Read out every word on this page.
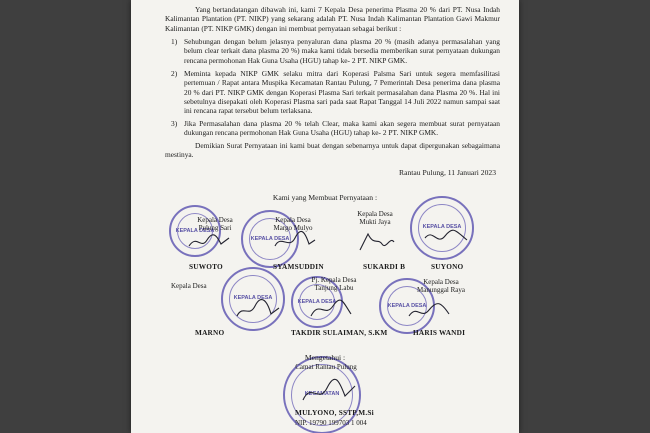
Yang bertandatangan dibawah ini, kami 7 Kepala Desa penerima Plasma 20 % dari PT. Nusa Indah Kalimantan Plantation (PT. NIKP) yang sekarang adalah PT. Nusa Indah Kalimantan Plantation Gawi Makmur Kalimantan (PT. NIKP GMK) dengan ini membuat pernyataan sebagai berikut :
1) Sehubungan dengan belum jelasnya penyaluran dana plasma 20 % (masih adanya permasalahan yang belum clear terkait dana plasma 20 %) maka kami tidak bersedia memberikan surat pernyataan dukungan rencana permohonan Hak Guna Usaha (HGU) tahap ke- 2 PT. NIKP GMK.
2) Meminta kepada NIKP GMK selaku mitra dari Koperasi Palsma Sari untuk segera memfasilitasi pertemuan / Rapat antara Muspika Kecamatan Rantau Pulung, 7 Pemerintah Desa penerima dana plasma 20 % dari PT. NIKP GMK dengan Koperasi Plasma Sari terkait permasalahan dana Plasma 20 %. Hal ini sebetulnya disepakati oleh Koperasi Plasma sari pada saat Rapat Tanggal 14 Juli 2022 namun sampai saat ini rencana rapat tersebut belum terlaksana.
3) Jika Permasalahan dana plasma 20 % telah Clear, maka kami akan segera membuat surat pernyataan dukungan rencana permohonan Hak Guna Usaha (HGU) tahap ke- 2 PT. NIKP GMK.
Demikian Surat Pernyataan ini kami buat dengan sebenarnya untuk dapat dipergunakan sebagaimana mestinya.
Rantau Pulung, 11 Januari 2023
Kami yang Membuat Pernyataan :
KEPALA DESA
KEPALA DESA
KEPALA DESA
KEPALA DESA
KEPALA DESA
KEPALA DESA
KECAMATAN
Kepala Desa
Pulung Sari
Kepala Desa
Margo Mulyo
Kepala Desa
Mukti Jaya
SUWOTO	SYAMSUDDIN	SUKARDI B	SUYONO
Kepala Desa
Pj. Kepala Desa
Tanjung Labu
Kepala Desa
Manunggal Raya
MARNO	TAKDIR SULAIMAN, S.KM	HARIS WANDI
Mengetahui :
Camat Rantau Pulung
MULYONO, SSTP,M.Si
NIP. 19790 199703 1 004
